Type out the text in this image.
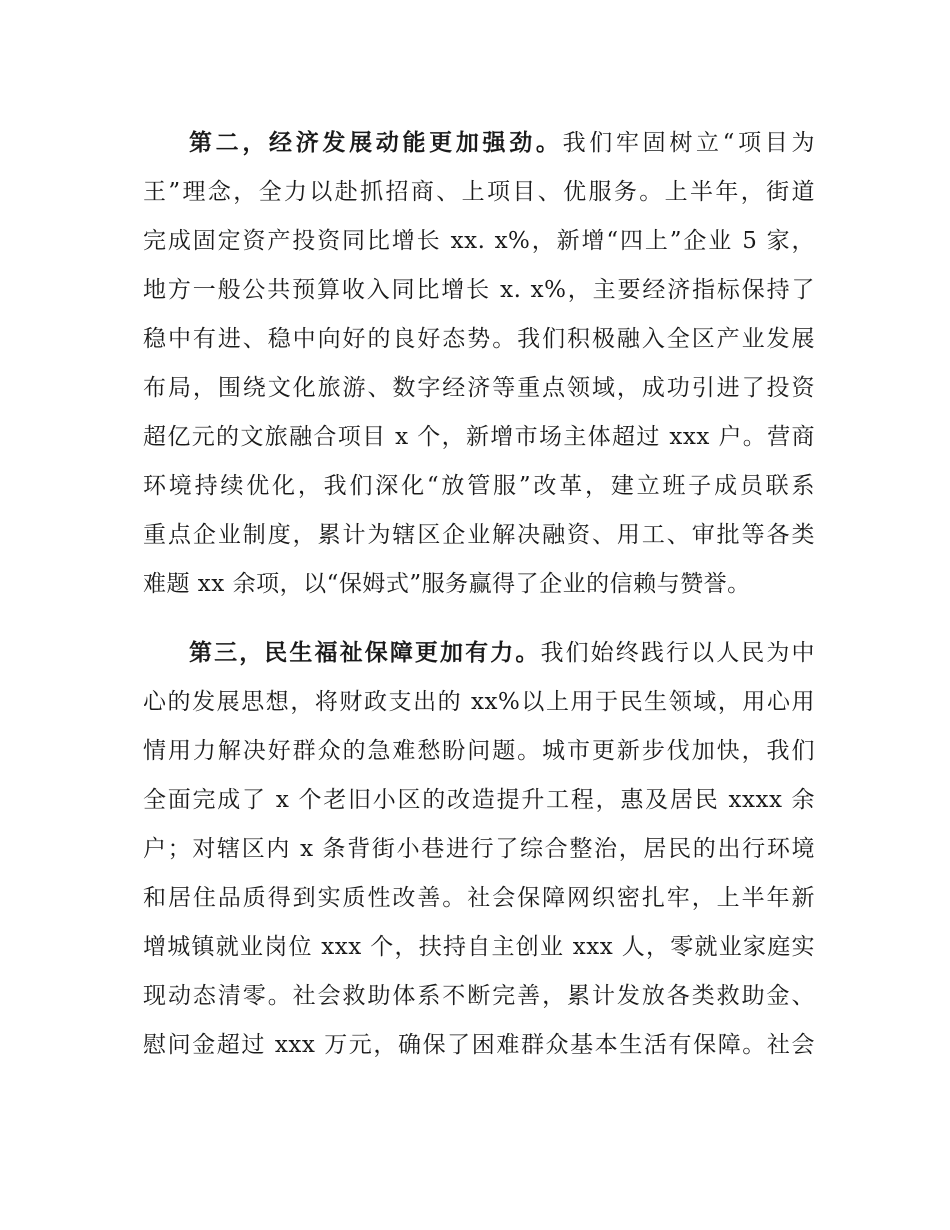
第二，经济发展动能更加强劲。我们牢固树立“项目为
王”理念，全力以赴抓招商、上项目、优服务。上半年，街道
完成固定资产投资同比增长 xx. x%，新增“四上”企业 5 家，
地方一般公共预算收入同比增长 x. x%，主要经济指标保持了
稳中有进、稳中向好的良好态势。我们积极融入全区产业发展
布局，围绕文化旅游、数字经济等重点领域，成功引进了投资
超亿元的文旅融合项目 x 个，新增市场主体超过 xxx 户。营商
环境持续优化，我们深化“放管服”改革，建立班子成员联系
重点企业制度，累计为辖区企业解决融资、用工、审批等各类
难题 xx 余项，以“保姆式”服务赢得了企业的信赖与赞誉。
第三，民生福祉保障更加有力。我们始终践行以人民为中
心的发展思想，将财政支出的 xx%以上用于民生领域，用心用
情用力解决好群众的急难愁盼问题。城市更新步伐加快，我们
全面完成了 x 个老旧小区的改造提升工程，惠及居民 xxxx 余
户；对辖区内 x 条背街小巷进行了综合整治，居民的出行环境
和居住品质得到实质性改善。社会保障网织密扎牢，上半年新
增城镇就业岗位 xxx 个，扶持自主创业 xxx 人，零就业家庭实
现动态清零。社会救助体系不断完善，累计发放各类救助金、
慰问金超过 xxx 万元，确保了困难群众基本生活有保障。社会
